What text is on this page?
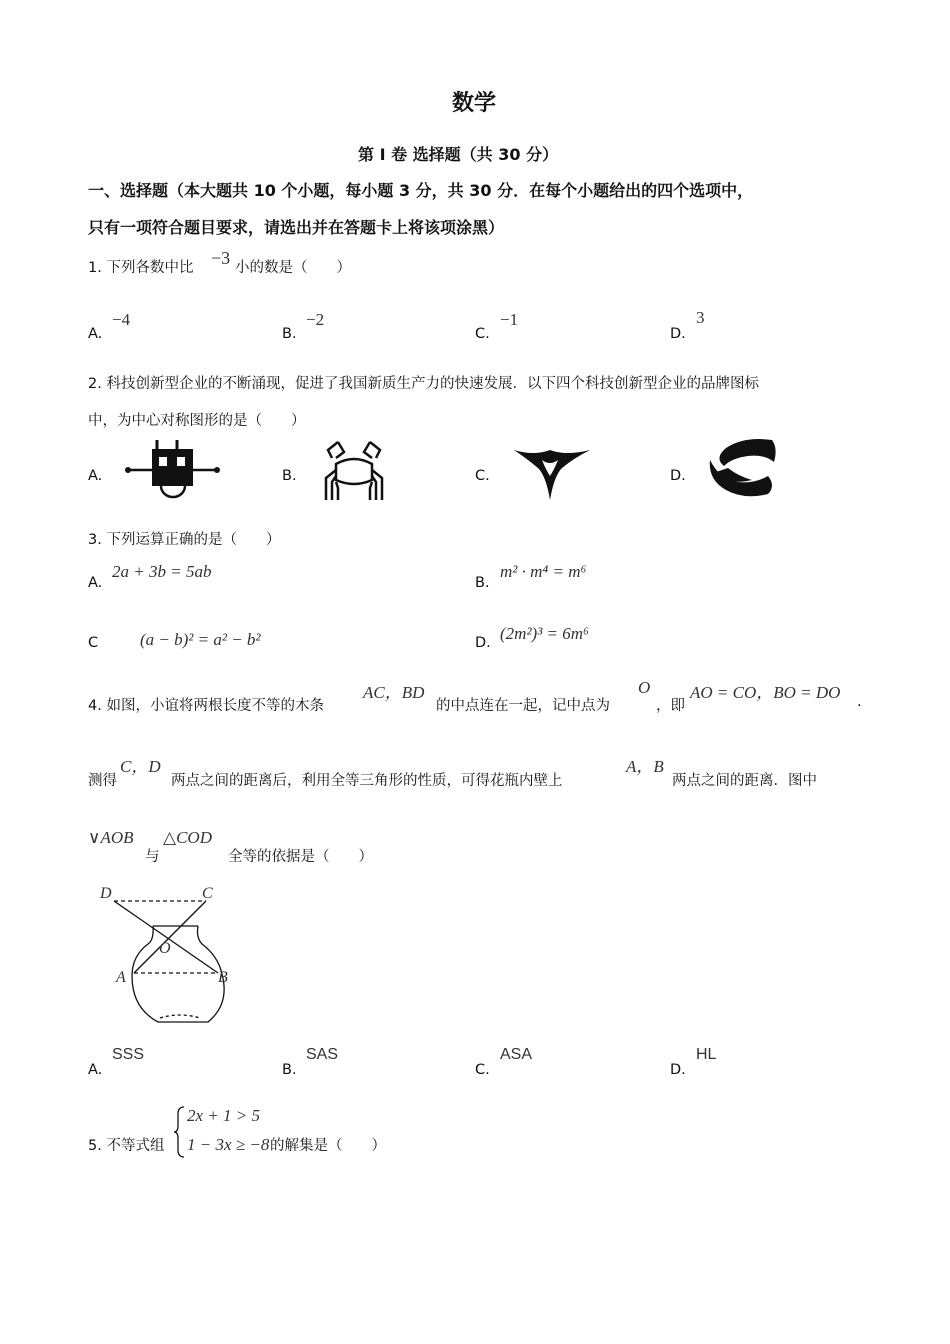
数学
第 I 卷 选择题（共 30 分）
一、选择题（本大题共 10 个小题，每小题 3 分，共 30 分．在每个小题给出的四个选项中，
只有一项符合题目要求，请选出并在答题卡上将该项涂黑）
1. 下列各数中比 −3 小的数是（　　）
A.
−4
B.
−2
C.
−1
D.
3
2. 科技创新型企业的不断涌现，促进了我国新质生产力的快速发展．以下四个科技创新型企业的品牌图标
中，为中心对称图形的是（　　）
A.	B.	C.	D.
3. 下列运算正确的是（　　）
A.
2a + 3b = 5ab
B.
m² · m⁴ = m⁶
C (a − b)² = a² − b²	D. (2m²)³ = 6m⁶
4. 如图，小谊将两根长度不等的木条
AC，BD
的中点连在一起，记中点为
O
，即
AO = CO，BO = DO .
测得
C，D
两点之间的距离后，利用全等三角形的性质，可得花瓶内壁上
A，B
两点之间的距离．图中
∨AOB
与
△COD
全等的依据是（　　）
D	C
O
A	B
A.
SSS
B.
SAS
C.
ASA
D.
HL
5. 不等式组
2x + 1 > 5
1 − 3x ≥ −8 的解集是（　　）
